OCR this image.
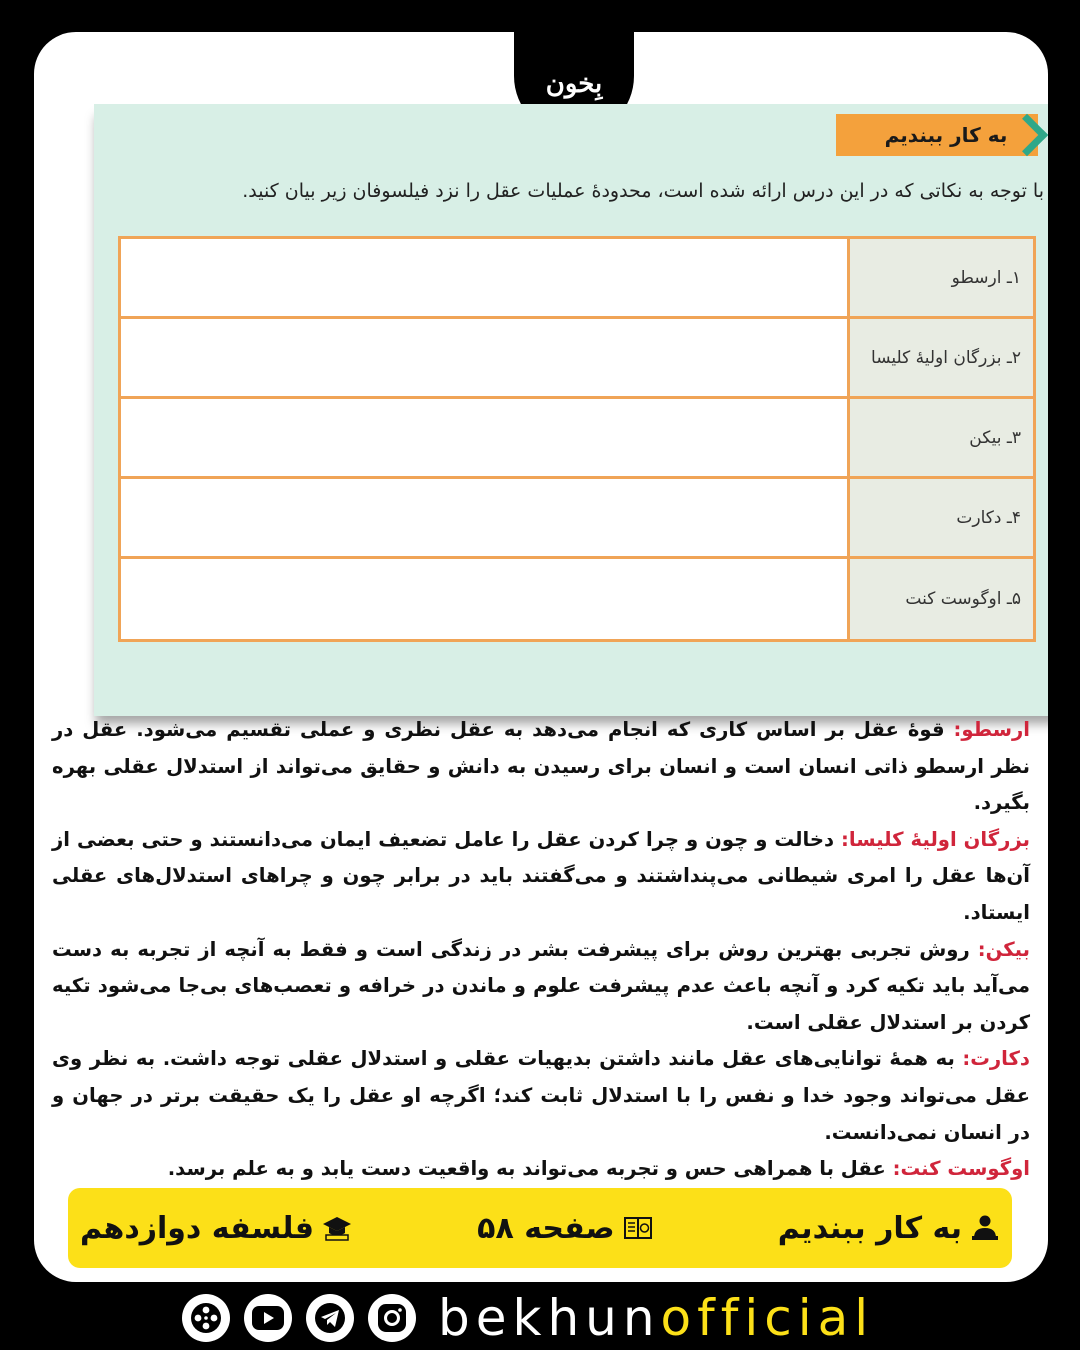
بِخون
به کار ببندیم
با توجه به نکاتی که در این درس ارائه شده است، محدودهٔ عملیات عقل را نزد فیلسوفان زیر بیان کنید.
۱ـ ارسطو
۲ـ بزرگان اولیهٔ کلیسا
۳ـ بیکن
۴ـ دکارت
۵ـ اوگوست کنت

ارسطو: قوهٔ عقل بر اساس کاری که انجام می‌دهد به عقل نظری و عملی تقسیم می‌شود. عقل در نظر ارسطو ذاتی انسان است و انسان برای رسیدن به دانش و حقایق می‌تواند از استدلال عقلی بهره بگیرد.

بزرگان اولیهٔ کلیسا: دخالت و چون و چرا کردن عقل را عامل تضعیف ایمان می‌دانستند و حتی بعضی از آن‌ها عقل را امری شیطانی می‌پنداشتند و می‌گفتند باید در برابر چون و چراهای استدلال‌های عقلی ایستاد.

بیکن: روش تجربی بهترین روش برای پیشرفت بشر در زندگی است و فقط به آنچه از تجربه به دست می‌آید باید تکیه کرد و آنچه باعث عدم پیشرفت علوم و ماندن در خرافه و تعصب‌های بی‌جا می‌شود تکیه کردن بر استدلال عقلی است.

دکارت: به همهٔ توانایی‌های عقل مانند داشتن بدیهیات عقلی و استدلال عقلی توجه داشت. به نظر وی عقل می‌تواند وجود خدا و نفس را با استدلال ثابت کند؛ اگرچه او عقل را یک حقیقت برتر در جهان و در انسان نمی‌دانست.

اوگوست کنت: عقل با همراهی حس و تجربه می‌تواند به واقعیت دست یابد و به علم برسد.

به کار ببندیم
صفحه ۵۸
فلسفه دوازدهم
bekhunofficial
